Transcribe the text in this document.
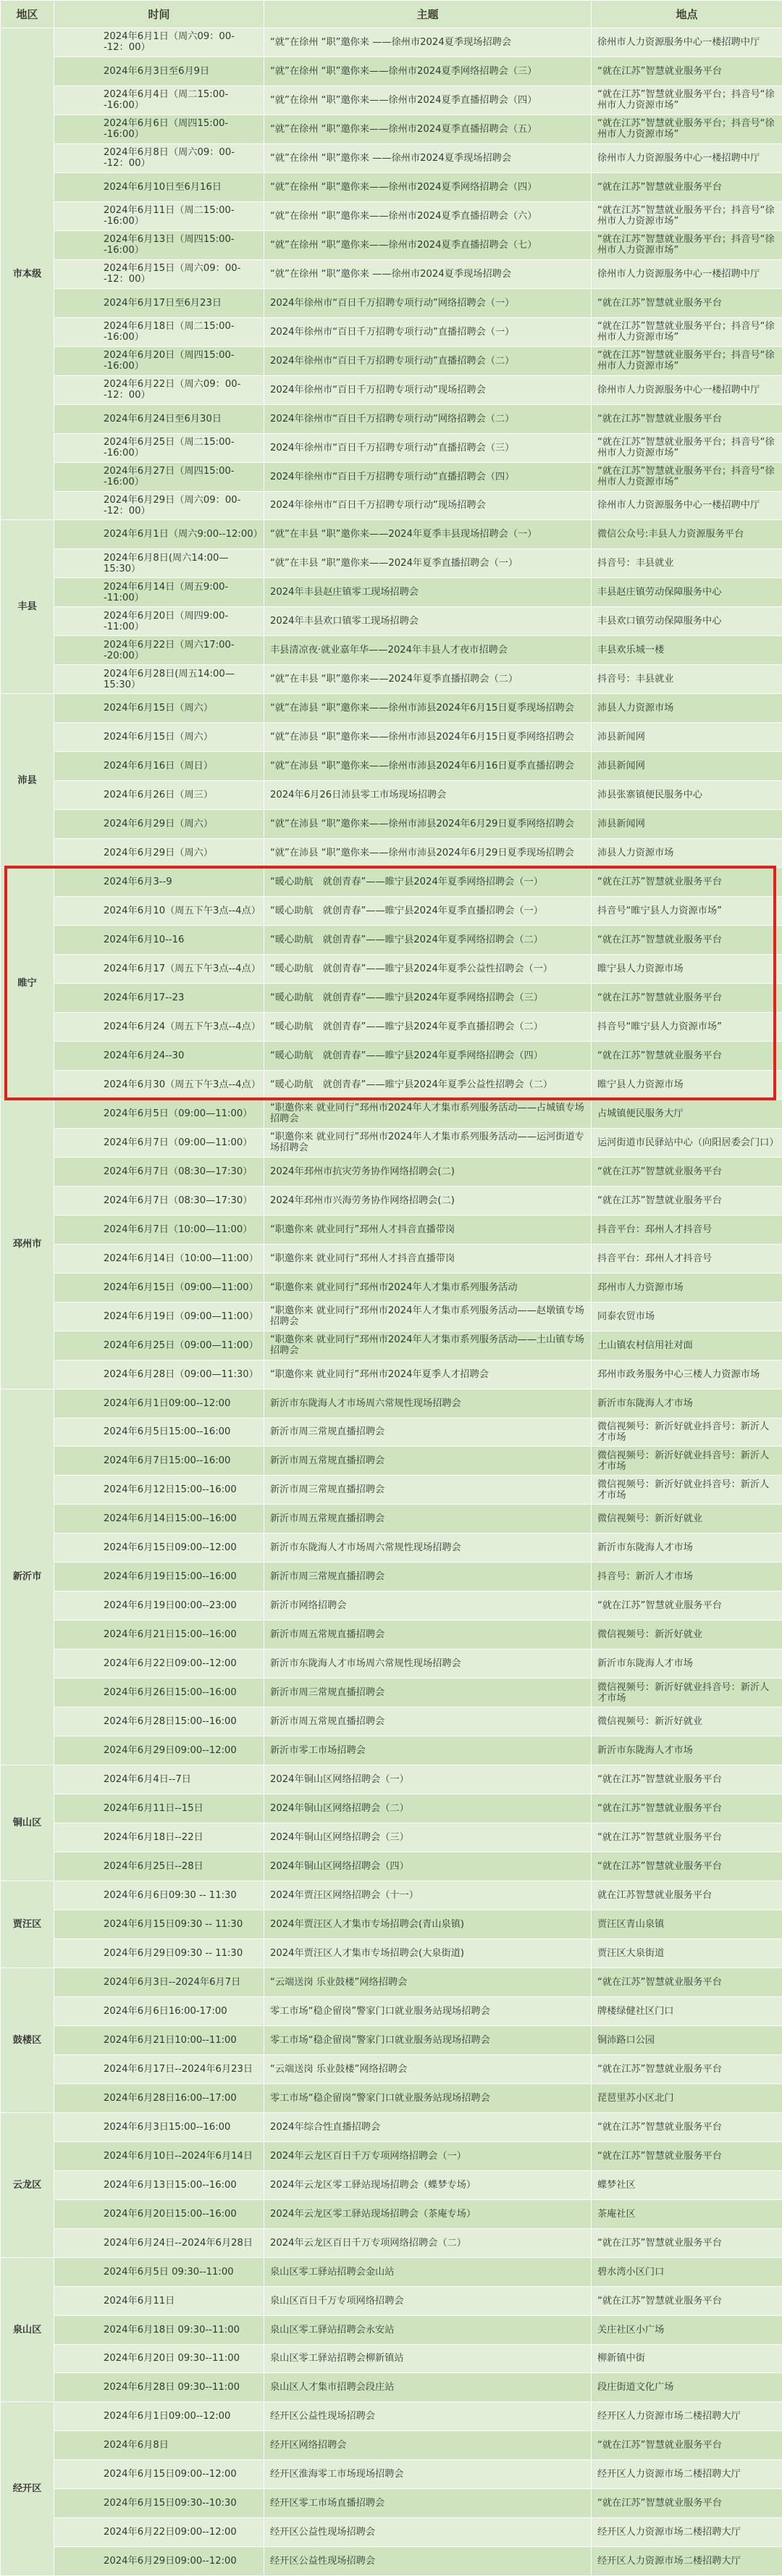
地区	时间	主题	地点
市本级	2024年6月1日（周六09：00--12：00）	“就”在徐州 “职”邀你来 ——徐州市2024夏季现场招聘会	徐州市人力资源服务中心一楼招聘中厅
	2024年6月3日至6月9日	“就”在徐州 “职”邀你来——徐州市2024夏季网络招聘会（三）	“就在江苏”智慧就业服务平台
	2024年6月4日（周二15:00--16:00）	“就”在徐州 “职”邀你来——徐州市2024夏季直播招聘会（四）	“就在江苏”智慧就业服务平台；抖音号“徐州市人力资源市场”
	2024年6月6日（周四15:00--16:00）	“就”在徐州 “职”邀你来——徐州市2024夏季直播招聘会（五）	“就在江苏”智慧就业服务平台；抖音号“徐州市人力资源市场”
	2024年6月8日（周六09：00--12：00）	“就”在徐州 “职”邀你来 ——徐州市2024夏季现场招聘会	徐州市人力资源服务中心一楼招聘中厅
	2024年6月10日至6月16日	“就”在徐州 “职”邀你来——徐州市2024夏季网络招聘会（四）	“就在江苏”智慧就业服务平台
	2024年6月11日（周二15:00--16:00）	“就”在徐州 “职”邀你来——徐州市2024夏季直播招聘会（六）	“就在江苏”智慧就业服务平台；抖音号“徐州市人力资源市场”
	2024年6月13日（周四15:00--16:00）	“就”在徐州 “职”邀你来——徐州市2024夏季直播招聘会（七）	“就在江苏”智慧就业服务平台；抖音号“徐州市人力资源市场”
	2024年6月15日（周六09：00--12：00）	“就”在徐州 “职”邀你来 ——徐州市2024夏季现场招聘会	徐州市人力资源服务中心一楼招聘中厅
	2024年6月17日至6月23日	2024年徐州市“百日千万招聘专项行动”网络招聘会（一）	“就在江苏”智慧就业服务平台
	2024年6月18日（周二15:00--16:00）	2024年徐州市“百日千万招聘专项行动”直播招聘会（一）	“就在江苏”智慧就业服务平台；抖音号“徐州市人力资源市场”
	2024年6月20日（周四15:00--16:00）	2024年徐州市“百日千万招聘专项行动”直播招聘会（二）	“就在江苏”智慧就业服务平台；抖音号“徐州市人力资源市场”
	2024年6月22日（周六09：00--12：00）	2024年徐州市“百日千万招聘专项行动”现场招聘会	徐州市人力资源服务中心一楼招聘中厅
	2024年6月24日至6月30日	2024年徐州市“百日千万招聘专项行动”网络招聘会（二）	“就在江苏”智慧就业服务平台
	2024年6月25日（周二15:00--16:00）	2024年徐州市“百日千万招聘专项行动”直播招聘会（三）	“就在江苏”智慧就业服务平台；抖音号“徐州市人力资源市场”
	2024年6月27日（周四15:00--16:00）	2024年徐州市“百日千万招聘专项行动”直播招聘会（四）	“就在江苏”智慧就业服务平台；抖音号“徐州市人力资源市场”
	2024年6月29日（周六09：00--12：00）	2024年徐州市“百日千万招聘专项行动”现场招聘会	徐州市人力资源服务中心一楼招聘中厅
丰县	2024年6月1日（周六9:00--12:00）	“就”在丰县 “职”邀你来——2024年夏季丰县现场招聘会（一）	微信公众号:丰县人力资源服务平台
	2024年6月8日(周六14:00—15:30）	“就”在丰县 “职”邀你来——2024年夏季直播招聘会（一）	抖音号：丰县就业
	2024年6月14日（周五9:00--11:00）	2024年丰县赵庄镇零工现场招聘会	丰县赵庄镇劳动保障服务中心
	2024年6月20日（周四9:00--11:00）	2024年丰县欢口镇零工现场招聘会	丰县欢口镇劳动保障服务中心
	2024年6月22日（周六17:00--20:00）	丰县清凉夜·就业嘉年华——2024年丰县人才夜市招聘会	丰县欢乐城一楼
	2024年6月28日(周五14:00—15:30）	“就”在丰县 “职”邀你来——2024年夏季直播招聘会（二）	抖音号：丰县就业
沛县	2024年6月15日（周六）	“就”在沛县 “职”邀你来——徐州市沛县2024年6月15日夏季现场招聘会	沛县人力资源市场
	2024年6月15日（周六）	“就”在沛县 “职”邀你来——徐州市沛县2024年6月15日夏季网络招聘会	沛县新闻网
	2024年6月16日（周日）	“就”在沛县 “职”邀你来——徐州市沛县2024年6月16日夏季直播招聘会	沛县新闻网
	2024年6月26日（周三）	2024年6月26日沛县零工市场现场招聘会	沛县张寨镇便民服务中心
	2024年6月29日（周六）	“就”在沛县 “职”邀你来——徐州市沛县2024年6月29日夏季网络招聘会	沛县新闻网
	2024年6月29日（周六）	“就”在沛县 “职”邀你来——徐州市沛县2024年6月29日夏季现场招聘会	沛县人力资源市场
睢宁	2024年6月3--9	“暖心助航　就创青春”——睢宁县2024年夏季网络招聘会（一）	“就在江苏”智慧就业服务平台
	2024年6月10（周五下午3点--4点）	“暖心助航　就创青春”——睢宁县2024年夏季直播招聘会（一）	抖音号“睢宁县人力资源市场”
	2024年6月10--16	“暖心助航　就创青春”——睢宁县2024年夏季网络招聘会（二）	“就在江苏”智慧就业服务平台
	2024年6月17（周五下午3点--4点）	“暖心助航　就创青春”——睢宁县2024年夏季公益性招聘会（一）	睢宁县人力资源市场
	2024年6月17--23	“暖心助航　就创青春”——睢宁县2024年夏季网络招聘会（三）	“就在江苏”智慧就业服务平台
	2024年6月24（周五下午3点--4点）	“暖心助航　就创青春”——睢宁县2024年夏季直播招聘会（二）	抖音号“睢宁县人力资源市场”
	2024年6月24--30	“暖心助航　就创青春”——睢宁县2024年夏季网络招聘会（四）	“就在江苏”智慧就业服务平台
	2024年6月30（周五下午3点--4点）	“暖心助航　就创青春”——睢宁县2024年夏季公益性招聘会（二）	睢宁县人力资源市场
邳州市	2024年6月5日（09:00—11:00）	“职邀你来 就业同行”邳州市2024年人才集市系列服务活动——占城镇专场招聘会	占城镇便民服务大厅
	2024年6月7日（09:00—11:00）	“职邀你来 就业同行”邳州市2024年人才集市系列服务活动——运河街道专场招聘会	运河街道市民驿站中心（向阳居委会门口）
	2024年6月7日（08:30—17:30）	2024年邳州市抗灾劳务协作网络招聘会(二)	“就在江苏”智慧就业服务平台
	2024年6月7日（08:30—17:30）	2024年邳州市兴海劳务协作网络招聘会(二)	“就在江苏”智慧就业服务平台
	2024年6月7日（10:00—11:00）	“职邀你来 就业同行”邳州人才抖音直播带岗	抖音平台：邳州人才抖音号
	2024年6月14日（10:00—11:00）	“职邀你来 就业同行”邳州人才抖音直播带岗	抖音平台：邳州人才抖音号
	2024年6月15日（09:00—11:00）	“职邀你来 就业同行”邳州市2024年人才集市系列服务活动	邳州市人力资源市场
	2024年6月19日（09:00—11:00）	“职邀你来 就业同行”邳州市2024年人才集市系列服务活动——赵墩镇专场招聘会	同泰农贸市场
	2024年6月25日（09:00—11:00）	“职邀你来 就业同行”邳州市2024年人才集市系列服务活动——土山镇专场招聘会	土山镇农村信用社对面
	2024年6月28日（09:00—11:30）	“职邀你来 就业同行”邳州市2024年夏季人才招聘会	邳州市政务服务中心三楼人力资源市场
新沂市	2024年6月1日09:00--12:00	新沂市东陇海人才市场周六常规性现场招聘会	新沂市东陇海人才市场
	2024年6月5日15:00--16:00	新沂市周三常规直播招聘会	微信视频号：新沂好就业抖音号：新沂人才市场
	2024年6月7日15:00--16:00	新沂市周五常规直播招聘会	微信视频号：新沂好就业抖音号：新沂人才市场
	2024年6月12日15:00--16:00	新沂市周三常规直播招聘会	微信视频号：新沂好就业抖音号：新沂人才市场
	2024年6月14日15:00--16:00	新沂市周五常规直播招聘会	微信视频号：新沂好就业
	2024年6月15日09:00--12:00	新沂市东陇海人才市场周六常规性现场招聘会	新沂市东陇海人才市场
	2024年6月19日15:00--16:00	新沂市周三常规直播招聘会	抖音号：新沂人才市场
	2024年6月19日00:00--23:00	新沂市网络招聘会	“就在江苏”智慧就业服务平台
	2024年6月21日15:00--16:00	新沂市周五常规直播招聘会	微信视频号：新沂好就业
	2024年6月22日09:00--12:00	新沂市东陇海人才市场周六常规性现场招聘会	新沂市东陇海人才市场
	2024年6月26日15:00--16:00	新沂市周三常规直播招聘会	微信视频号：新沂好就业抖音号：新沂人才市场
	2024年6月28日15:00--16:00	新沂市周五常规直播招聘会	微信视频号：新沂好就业
	2024年6月29日09:00--12:00	新沂市零工市场招聘会	新沂市东陇海人才市场
铜山区	2024年6月4日--7日	2024年铜山区网络招聘会（一）	“就在江苏”智慧就业服务平台
	2024年6月11日--15日	2024年铜山区网络招聘会（二）	“就在江苏”智慧就业服务平台
	2024年6月18日--22日	2024年铜山区网络招聘会（三）	“就在江苏”智慧就业服务平台
	2024年6月25日--28日	2024年铜山区网络招聘会（四）	“就在江苏”智慧就业服务平台
贾汪区	2024年6月6日09:30 -- 11:30	2024年贾汪区网络招聘会（十一）	就在江苏智慧就业服务平台
	2024年6月15日09:30 -- 11:30	2024年贾汪区人才集市专场招聘会(青山泉镇)	贾汪区青山泉镇
	2024年6月29日09:30 -- 11:30	2024年贾汪区人才集市专场招聘会(大泉街道)	贾汪区大泉街道
鼓楼区	2024年6月3日--2024年6月7日	“云端送岗 乐业鼓楼”网络招聘会	“就在江苏”智慧就业服务平台
	2024年6月6日16:00-17:00	零工市场“稳企留岗”警家门口就业服务站现场招聘会	牌楼绿健社区门口
	2024年6月21日10:00--11:00	零工市场“稳企留岗”警家门口就业服务站现场招聘会	铜沛路口公园
	2024年6月17日--2024年6月23日	“云端送岗 乐业鼓楼”网络招聘会	“就在江苏”智慧就业服务平台
	2024年6月28日16:00--17:00	零工市场“稳企留岗”警家门口就业服务站现场招聘会	琵琶里苏小区北门
云龙区	2024年6月3日15:00--16:00	2024年综合性直播招聘会	“就在江苏”智慧就业服务平台
	2024年6月10日--2024年6月14日	2024年云龙区百日千万专项网络招聘会（一）	“就在江苏”智慧就业服务平台
	2024年6月13日15:00--16:00	2024年云龙区零工驿站现场招聘会（蝶梦专场）	蝶梦社区
	2024年6月20日15:00--16:00	2024年云龙区零工驿站现场招聘会（茶庵专场）	茶庵社区
	2024年6月24日--2024年6月28日	2024年云龙区百日千万专项网络招聘会（二）	“就在江苏”智慧就业服务平台
泉山区	2024年6月5日 09:30--11:00	泉山区零工驿站招聘会金山站	碧水湾小区门口
	2024年6月11日	泉山区百日千万专项网络招聘会	“就在江苏”智慧就业服务平台
	2024年6月18日 09:30--11:00	泉山区零工驿站招聘会永安站	关庄社区小广场
	2024年6月20日 09:30--11:00	泉山区零工驿站招聘会柳新镇站	柳新镇中街
	2024年6月28日 09:30--11:00	泉山区人才集市招聘会段庄站	段庄街道文化广场
经开区	2024年6月1日09:00--12:00	经开区公益性现场招聘会	经开区人力资源市场二楼招聘大厅
	2024年6月8日	经开区网络招聘会	“就在江苏”智慧就业服务平台
	2024年6月15日09:00--12:00	经开区淮海零工市场现场招聘会	经开区人力资源市场二楼招聘大厅
	2024年6月15日09:30--10:30	经开区零工市场直播招聘会	“就在江苏”智慧就业服务平台
	2024年6月22日09:00--12:00	经开区公益性现场招聘会	经开区人力资源市场二楼招聘大厅
	2024年6月29日09:00--12:00	经开区公益性现场招聘会	经开区人力资源市场二楼招聘大厅
